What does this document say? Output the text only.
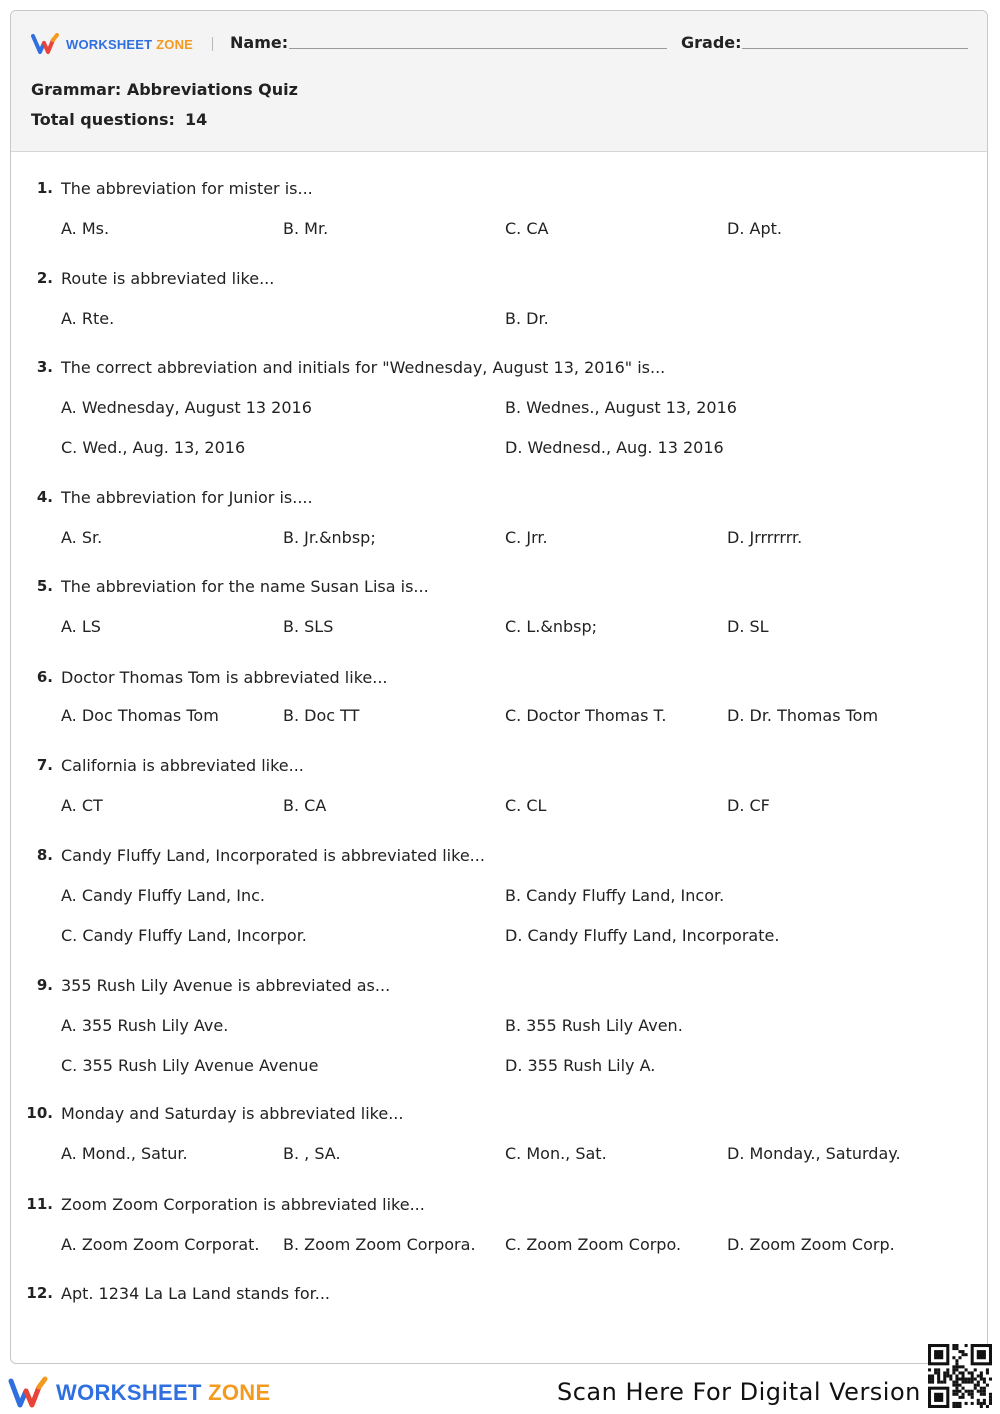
WORKSHEET ZONE Name:	Grade:
Grammar: Abbreviations Quiz
Total questions: 14
1. The abbreviation for mister is...
A. Ms.	B. Mr.	C. CA	D. Apt.
2. Route is abbreviated like...
A. Rte.	B. Dr.
3. The correct abbreviation and initials for "Wednesday, August 13, 2016" is...
A. Wednesday, August 13 2016	B. Wednes., August 13, 2016
C. Wed., Aug. 13, 2016	D. Wednesd., Aug. 13 2016
4. The abbreviation for Junior is....
A. Sr.	B. Jr.&nbsp;	C. Jrr.	D. Jrrrrrrr.
5. The abbreviation for the name Susan Lisa is...
A. LS	B. SLS	C. L.&nbsp;	D. SL
6. Doctor Thomas Tom is abbreviated like...
A. Doc Thomas Tom	B. Doc TT	C. Doctor Thomas T.	D. Dr. Thomas Tom
7. California is abbreviated like...
A. CT	B. CA	C. CL	D. CF
8. Candy Fluffy Land, Incorporated is abbreviated like...
A. Candy Fluffy Land, Inc.	B. Candy Fluffy Land, Incor.
C. Candy Fluffy Land, Incorpor.	D. Candy Fluffy Land, Incorporate.
9. 355 Rush Lily Avenue is abbreviated as...
A. 355 Rush Lily Ave.	B. 355 Rush Lily Aven.
C. 355 Rush Lily Avenue Avenue	D. 355 Rush Lily A.
10. Monday and Saturday is abbreviated like...
A. Mond., Satur.	B. , SA.	C. Mon., Sat.	D. Monday., Saturday.
11. Zoom Zoom Corporation is abbreviated like...
A. Zoom Zoom Corporat. B. Zoom Zoom Corpora. C. Zoom Zoom Corpo.	D. Zoom Zoom Corp.
12. Apt. 1234 La La Land stands for...
WORKSHEET ZONE	Scan Here For Digital Version
